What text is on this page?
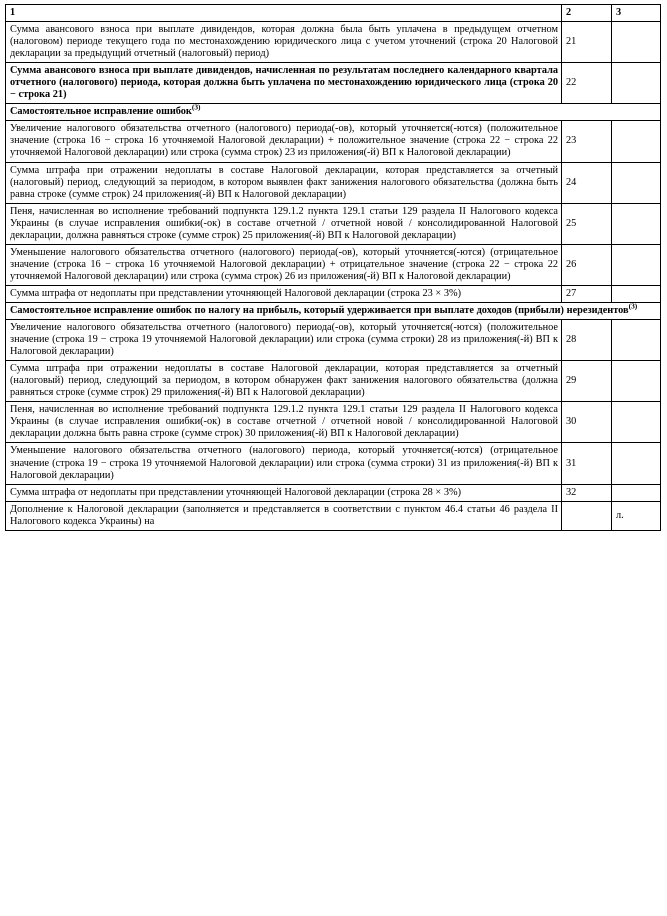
1	2	3
Сумма авансового взноса при выплате дивидендов, которая должна была быть уплачена в предыдущем отчетном (налоговом) периоде текущего года по местонахождению юридического лица с учетом уточнений (строка 20 Налоговой декларации за предыдущий отчетный (налоговый) период)	21	
Сумма авансового взноса при выплате дивидендов, начисленная по результатам последнего календарного квартала отчетного (налогового) периода, которая должна быть уплачена по местонахождению юридического лица (строка 20 − строка 21)	22	
Самостоятельное исправление ошибок$^{(3)}$
Увеличение налогового обязательства отчетного (налогового) периода(-ов), который уточняется(-ются) (положительное значение (строка 16 − строка 16 уточняемой Налоговой декларации) + положительное значение (строка 22 − строка 22 уточняемой Налоговой декларации) или строка (сумма строк) 23 из приложения(-й) ВП к Налоговой декларации)	23	
Сумма штрафа при отражении недоплаты в составе Налоговой декларации, которая представляется за отчетный (налоговый) период, следующий за периодом, в котором выявлен факт занижения налогового обязательства (должна быть равна строке (сумме строк) 24 приложения(-й) ВП к Налоговой декларации)	24	
Пеня, начисленная во исполнение требований подпункта 129.1.2 пункта 129.1 статьи 129 раздела II Налогового кодекса Украины (в случае исправления ошибки(-ок) в составе отчетной / отчетной новой / консолидированной Налоговой декларации, должна равняться строке (сумме строк) 25 приложения(-й) ВП к Налоговой декларации)	25	
Уменьшение налогового обязательства отчетного (налогового) периода(-ов), который уточняется(-ются) (отрицательное значение (строка 16 − строка 16 уточняемой Налоговой декларации) + отрицательное значение (строка 22 − строка 22 уточняемой Налоговой декларации) или строка (сумма строк) 26 из приложения(-й) ВП к Налоговой декларации)	26	
Сумма штрафа от недоплаты при представлении уточняющей Налоговой декларации (строка 23 × 3%)	27	
Самостоятельное исправление ошибок по налогу на прибыль, который удерживается при выплате доходов (прибыли) нерезидентов$^{(3)}$
Увеличение налогового обязательства отчетного (налогового) периода(-ов), который уточняется(-ются) (положительное значение (строка 19 − строка 19 уточняемой Налоговой декларации) или строка (сумма строки) 28 из приложения(-й) ВП к Налоговой декларации)	28	
Сумма штрафа при отражении недоплаты в составе Налоговой декларации, которая представляется за отчетный (налоговый) период, следующий за периодом, в котором обнаружен факт занижения налогового обязательства (должна равняться строке (сумме строк) 29 приложения(-й) ВП к Налоговой декларации)	29	
Пеня, начисленная во исполнение требований подпункта 129.1.2 пункта 129.1 статьи 129 раздела II Налогового кодекса Украины (в случае исправления ошибки(-ок) в составе отчетной / отчетной новой / консолидированной Налоговой декларации должна быть равна строке (сумме строк) 30 приложения(-й) ВП к Налоговой декларации)	30	
Уменьшение налогового обязательства отчетного (налогового) периода, который уточняется(-ются) (отрицательное значение (строка 19 − строка 19 уточняемой Налоговой декларации) или строка (сумма строки) 31 из приложения(-й) ВП к Налоговой декларации)	31	
Сумма штрафа от недоплаты при представлении уточняющей Налоговой декларации (строка 28 × 3%)	32	
Дополнение к Налоговой декларации (заполняется и представляется в соответствии с пунктом 46.4 статьи 46 раздела II Налогового кодекса Украины) на		л.
